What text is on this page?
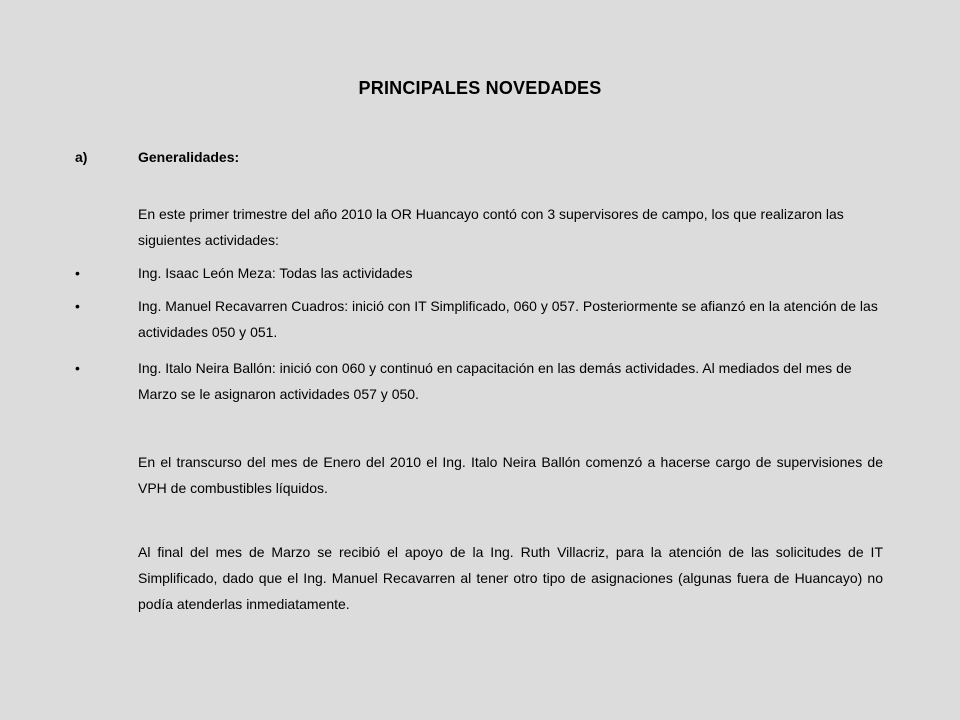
PRINCIPALES NOVEDADES
a)	Generalidades:

En este primer trimestre del año 2010 la OR Huancayo contó con 3 supervisores de campo, los que realizaron las siguientes actividades:

•	Ing. Isaac León Meza: Todas las actividades
•	Ing. Manuel Recavarren Cuadros: inició con IT Simplificado, 060 y 057. Posteriormente se afianzó en la atención de las actividades 050 y 051.
•	Ing. Italo Neira Ballón: inició con 060 y continuó en capacitación en las demás actividades. Al mediados del mes de Marzo se le asignaron actividades 057 y 050.

En el transcurso del mes de Enero del 2010 el Ing. Italo Neira Ballón comenzó a hacerse cargo de supervisiones de VPH de combustibles líquidos.

Al final del mes de Marzo se recibió el apoyo de la Ing. Ruth Villacriz, para la atención de las solicitudes de IT Simplificado, dado que el Ing. Manuel Recavarren al tener otro tipo de asignaciones (algunas fuera de Huancayo) no podía atenderlas inmediatamente.
